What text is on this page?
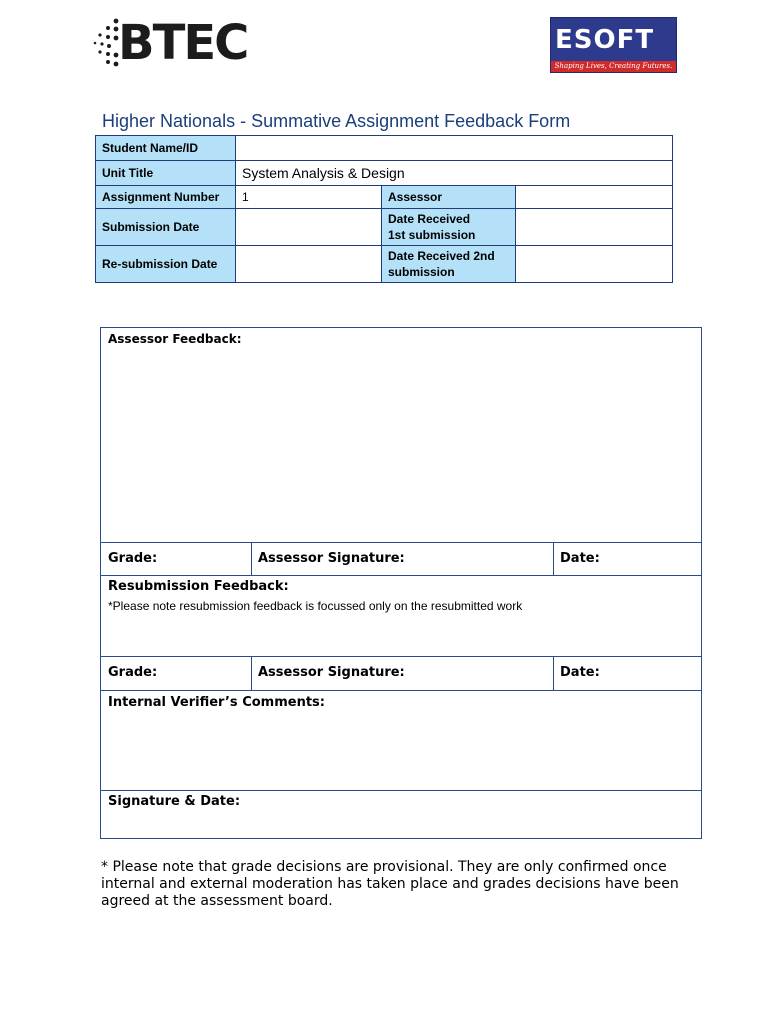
BTEC	ESOFT
Shaping Lives, Creating Futures.
Higher Nationals - Summative Assignment Feedback Form
Student Name/ID			
Unit Title	System Analysis & Design		
Assignment Number	1	Assessor	
Submission Date		Date Received
1st submission	
Re-submission Date		Date Received 2nd
submission	
Assessor Feedback:
Grade:	Assessor Signature:	Date:
Resubmission Feedback:
*Please note resubmission feedback is focussed only on the resubmitted work
Grade:	Assessor Signature:	Date:
Internal Verifier’s Comments:
Signature & Date:
* Please note that grade decisions are provisional. They are only confirmed once internal and external moderation has taken place and grades decisions have been agreed at the assessment board.
